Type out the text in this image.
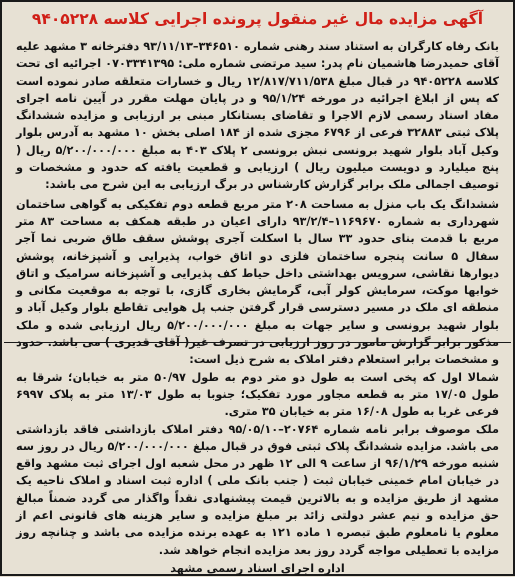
آگهی مزایده مال غیر منقول پرونده اجرایی کلاسه ۹۴۰۵۲۲۸

بانک رفاه کارگران به استناد سند رهنی شماره ۳۴۶۵۱۰–۹۳/۱۱/۱۳ دفترخانه ۳ مشهد علیه آقای حمیدرضا هاشمیان نام پدر: سید مرتضی شماره ملی: ۰۷۰۳۳۴۱۳۹۵ اجرائیه ای تحت کلاسه ۹۴۰۵۲۲۸ در قبال مبلغ ۱۲/۸۱۷/۷۱۱/۵۳۸ ریال و خسارات متعلقه صادر نموده است که پس از ابلاغ اجرائیه در مورخه ۹۵/۱/۲۴ و در پایان مهلت مقرر در آیین نامه اجرای مفاد اسناد رسمی لازم الاجرا و تقاضای بستانکار مبنی بر ارزیابی و مزایده ششدانگ پلاک ثبتی ۳۲۸۸۳ فرعی از ۶۷۹۶ مجزی شده از ۱۸۴ اصلی بخش ۱۰ مشهد به آدرس بلوار وکیل آباد بلوار شهید برونسی نبش برونسی ۲ پلاک ۴۰۳ به مبلغ ۵/۲۰۰/۰۰۰/۰۰۰ ریال ( پنج میلیارد و دویست میلیون ریال ) ارزیابی و قطعیت یافته که حدود و مشخصات و توصیف اجمالی ملک برابر گزارش کارشناس در برگ ارزیابی به این شرح می باشد:

ششدانگ یک باب منزل به مساحت ۲۰۸ متر مربع قطعه دوم تفکیکی به گواهی ساختمان شهرداری به شماره ۱۱۶۹۶۷۰–۹۳/۲/۴ دارای اعیان در طبقه همکف به مساحت ۸۳ متر مربع با قدمت بنای حدود ۳۳ سال با اسکلت آجری پوشش سقف طاق ضربی نما آجر سفال ۵ سانت پنجره ساختمان فلزی دو اتاق خواب، پذیرایی و آشپزخانه، پوشش دیوارها نقاشی، سرویس بهداشتی داخل حیاط کف پذیرایی و آشپزخانه سرامیک و اتاق خوابها موکت، سرمایش کولر آبی، گرمایش بخاری گازی، با توجه به موقعیت مکانی و منطقه ای ملک در مسیر دسترسی قرار گرفتن جنب پل هوایی تقاطع بلوار وکیل آباد و بلوار شهید برونسی و سایر جهات به مبلغ ۵/۲۰۰/۰۰۰/۰۰۰ ریال ارزیابی شده و ملک مذکور برابر گزارش مامور در روز ارزیابی در تصرف غیر( آقای قدیری ) می باشد. حدود و مشخصات برابر استعلام دفتر املاک به شرح ذیل است:

شمالا اول که پخی است به طول دو متر دوم به طول ۵۰/۹۷ متر به خیابان؛ شرقا به طول ۱۷/۰۵ متر به قطعه مجاور مورد تفکیک؛ جنوبا به طول ۱۳/۰۳ متر به پلاک ۶۹۹۷ فرعی غربا به طول ۱۶/۰۸ متر به خیابان ۳۵ متری.

ملک موصوف برابر نامه شماره ۲۰۷۶۴–۹۵/۰۵/۱۰ دفتر املاک بازداشتی فاقد بازداشتی می باشد. مزایده ششدانگ پلاک ثبتی فوق در قبال مبلغ ۵/۲۰۰/۰۰۰/۰۰۰ ریال در روز سه شنبه مورخه ۹۶/۱/۲۹ از ساعت ۹ الی ۱۲ ظهر در محل شعبه اول اجرای ثبت مشهد واقع در خیابان امام خمینی خیابان ثبت ( جنب بانک ملی ) اداره ثبت اسناد و املاک ناحیه یک مشهد از طریق مزایده و به بالاترین قیمت پیشنهادی نقداً واگذار می گردد ضمناً مبالغ حق مزایده و نیم عشر دولتی زائد بر مبلغ مزایده و سایر هزینه های قانونی اعم از معلوم یا نامعلوم طبق تبصره ۱ ماده ۱۲۱ به عهده برنده مزایده می باشد و چنانچه روز مزایده با تعطیلی مواجه گردد روز بعد مزایده انجام خواهد شد.

اداره اجرای اسناد رسمی مشهد
